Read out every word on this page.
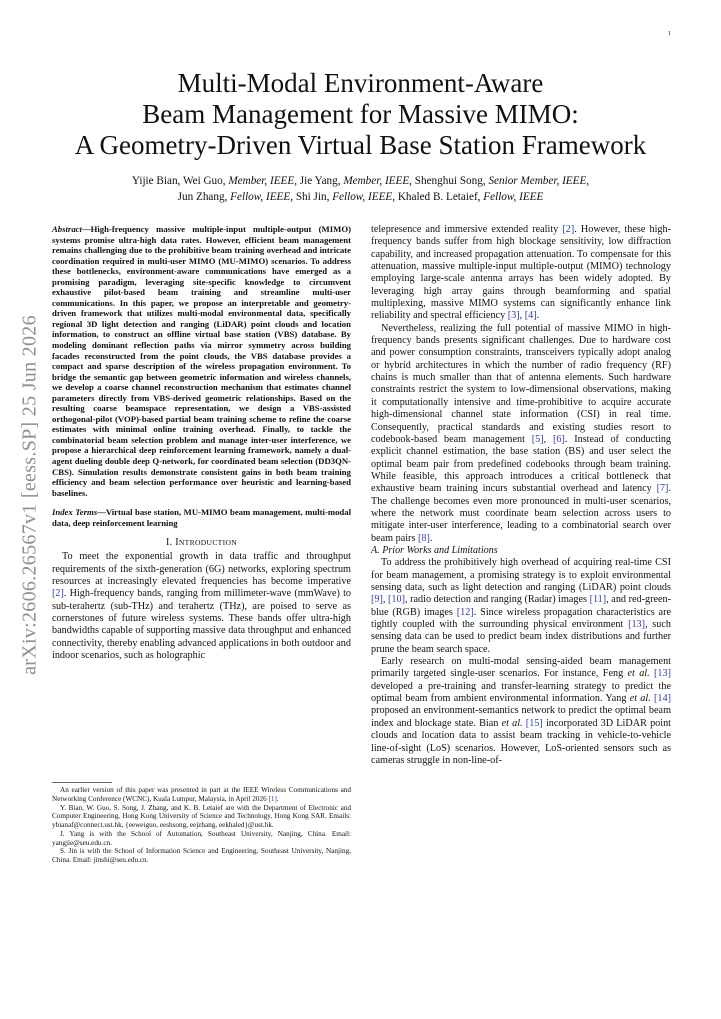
1
arXiv:2606.26567v1 [eess.SP] 25 Jun 2026
Multi-Modal Environment-Aware
Beam Management for Massive MIMO:
A Geometry-Driven Virtual Base Station Framework
Yijie Bian, Wei Guo, Member, IEEE, Jie Yang, Member, IEEE, Shenghui Song, Senior Member, IEEE,
Jun Zhang, Fellow, IEEE, Shi Jin, Fellow, IEEE, Khaled B. Letaief, Fellow, IEEE

Abstract—High-frequency massive multiple-input multiple-output (MIMO) systems promise ultra-high data rates. However, efficient beam management remains challenging due to the prohibitive beam training overhead and intricate coordination required in multi-user MIMO (MU-MIMO) scenarios. To address these bottlenecks, environment-aware communications have emerged as a promising paradigm, leveraging site-specific knowledge to circumvent exhaustive pilot-based beam training and streamline multi-user communications. In this paper, we propose an interpretable and geometry-driven framework that utilizes multi-modal environmental data, specifically regional 3D light detection and ranging (LiDAR) point clouds and location information, to construct an offline virtual base station (VBS) database. By modeling dominant reflection paths via mirror symmetry across building facades reconstructed from the point clouds, the VBS database provides a compact and sparse description of the wireless propagation environment. To bridge the semantic gap between geometric information and wireless channels, we develop a coarse channel reconstruction mechanism that estimates channel parameters directly from VBS-derived geometric relationships. Based on the resulting coarse beamspace representation, we design a VBS-assisted orthogonal-pilot (VOP)-based partial beam training scheme to refine the coarse estimates with minimal online training overhead. Finally, to tackle the combinatorial beam selection problem and manage inter-user interference, we propose a hierarchical deep reinforcement learning framework, namely a dual-agent dueling double deep Q-network, for coordinated beam selection (DD3QN-CBS). Simulation results demonstrate consistent gains in both beam training efficiency and beam selection performance over heuristic and learning-based baselines.

Index Terms—Virtual base station, MU-MIMO beam management, multi-modal data, deep reinforcement learning

I. INTRODUCTION

To meet the exponential growth in data traffic and throughput requirements of the sixth-generation (6G) networks, exploring spectrum resources at increasingly elevated frequencies has become imperative [2]. High-frequency bands, ranging from millimeter-wave (mmWave) to sub-terahertz (sub-THz) and terahertz (THz), are poised to serve as cornerstones of future wireless systems. These bands offer ultra-high bandwidths capable of supporting massive data throughput and enhanced connectivity, thereby enabling advanced applications in both outdoor and indoor scenarios, such as holographic

An earlier version of this paper was presented in part at the IEEE Wireless Communications and Networking Conference (WCNC), Kuala Lumpur, Malaysia, in April 2026 [1].

Y. Bian, W. Guo, S. Song, J. Zhang, and K. B. Letaief are with the Department of Electronic and Computer Engineering, Hong Kong University of Science and Technology, Hong Kong SAR. Emails: ybianaf@connect.ust.hk, {eeweiguo, eeshsong, eejzhang, eekhaled}@ust.hk.

J. Yang is with the School of Automation, Southeast University, Nanjing, China. Email: yangjie@seu.edu.cn.

S. Jin is with the School of Information Science and Engineering, Southeast University, Nanjing, China. Email: jinshi@seu.edu.cn.

telepresence and immersive extended reality [2]. However, these high-frequency bands suffer from high blockage sensitivity, low diffraction capability, and increased propagation attenuation. To compensate for this attenuation, massive multiple-input multiple-output (MIMO) technology employing large-scale antenna arrays has been widely adopted. By leveraging high array gains through beamforming and spatial multiplexing, massive MIMO systems can significantly enhance link reliability and spectral efficiency [3], [4].

Nevertheless, realizing the full potential of massive MIMO in high-frequency bands presents significant challenges. Due to hardware cost and power consumption constraints, transceivers typically adopt analog or hybrid architectures in which the number of radio frequency (RF) chains is much smaller than that of antenna elements. Such hardware constraints restrict the system to low-dimensional observations, making it computationally intensive and time-prohibitive to acquire accurate high-dimensional channel state information (CSI) in real time. Consequently, practical standards and existing studies resort to codebook-based beam management [5], [6]. Instead of conducting explicit channel estimation, the base station (BS) and user select the optimal beam pair from predefined codebooks through beam training. While feasible, this approach introduces a critical bottleneck that exhaustive beam training incurs substantial overhead and latency [7]. The challenge becomes even more pronounced in multi-user scenarios, where the network must coordinate beam selection across users to mitigate inter-user interference, leading to a combinatorial search over beam pairs [8].

A. Prior Works and Limitations

To address the prohibitively high overhead of acquiring real-time CSI for beam management, a promising strategy is to exploit environmental sensing data, such as light detection and ranging (LiDAR) point clouds [9], [10], radio detection and ranging (Radar) images [11], and red-green-blue (RGB) images [12]. Since wireless propagation characteristics are tightly coupled with the surrounding physical environment [13], such sensing data can be used to predict beam index distributions and further prune the beam search space.

Early research on multi-modal sensing-aided beam management primarily targeted single-user scenarios. For instance, Feng et al. [13] developed a pre-training and transfer-learning strategy to predict the optimal beam from ambient environmental information. Yang et al. [14] proposed an environment-semantics network to predict the optimal beam index and blockage state. Bian et al. [15] incorporated 3D LiDAR point clouds and location data to assist beam tracking in vehicle-to-vehicle line-of-sight (LoS) scenarios. However, LoS-oriented sensors such as cameras struggle in non-line-of-
